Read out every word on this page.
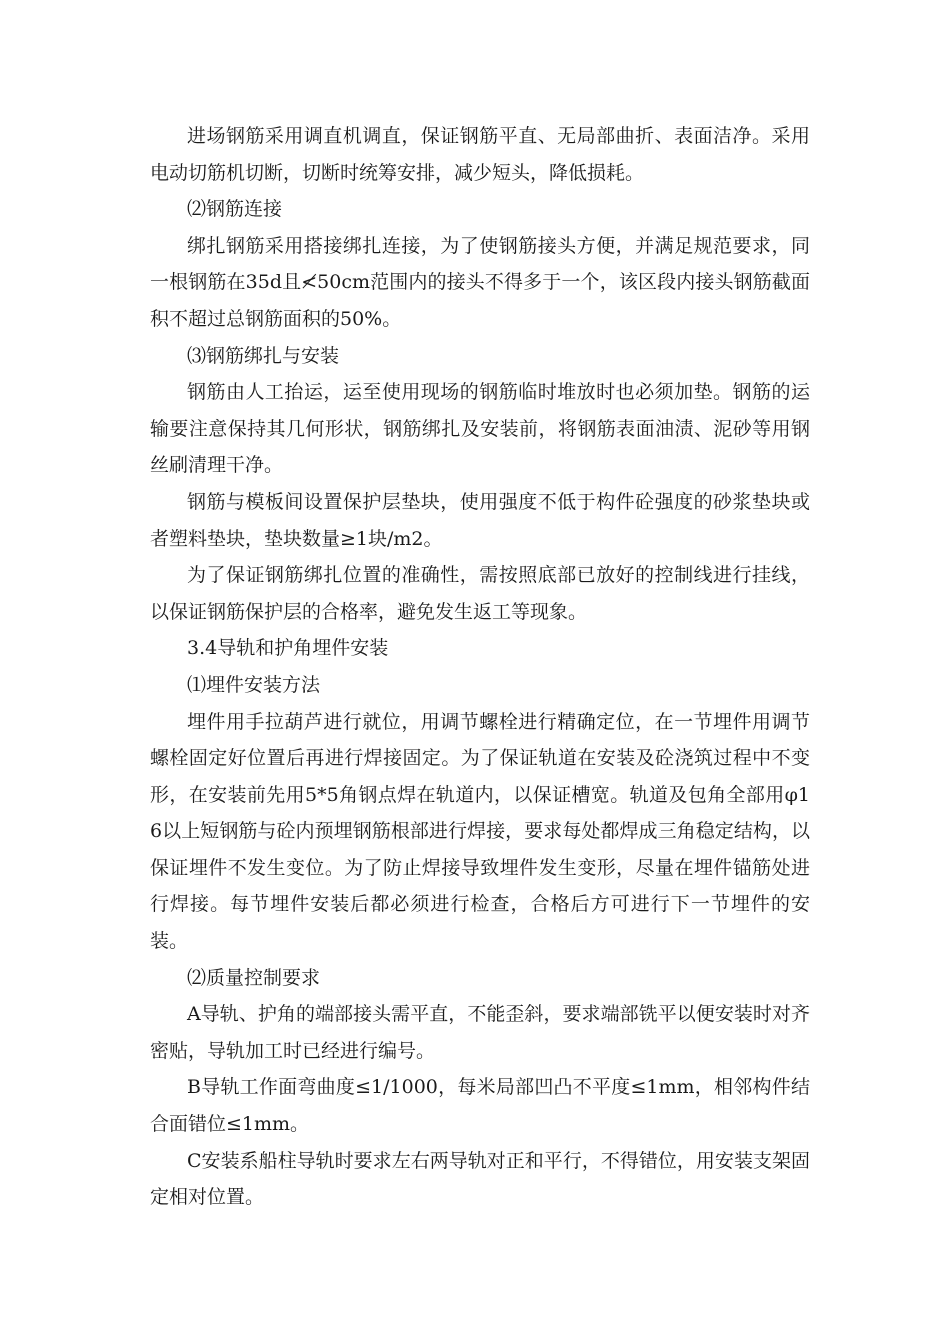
进场钢筋采用调直机调直，保证钢筋平直、无局部曲折、表面洁净。采用电动切筋机切断，切断时统筹安排，减少短头，降低损耗。

⑵钢筋连接

绑扎钢筋采用搭接绑扎连接，为了使钢筋接头方便，并满足规范要求，同一根钢筋在35d且≮50cm范围内的接头不得多于一个，该区段内接头钢筋截面积不超过总钢筋面积的50%。

⑶钢筋绑扎与安装

钢筋由人工抬运，运至使用现场的钢筋临时堆放时也必须加垫。钢筋的运输要注意保持其几何形状，钢筋绑扎及安装前，将钢筋表面油渍、泥砂等用钢丝刷清理干净。

钢筋与模板间设置保护层垫块，使用强度不低于构件砼强度的砂浆垫块或者塑料垫块，垫块数量≥1块/m2。

为了保证钢筋绑扎位置的准确性，需按照底部已放好的控制线进行挂线，以保证钢筋保护层的合格率，避免发生返工等现象。

3.4导轨和护角埋件安装

⑴埋件安装方法

埋件用手拉葫芦进行就位，用调节螺栓进行精确定位，在一节埋件用调节螺栓固定好位置后再进行焊接固定。为了保证轨道在安装及砼浇筑过程中不变形，在安装前先用5*5角钢点焊在轨道内，以保证槽宽。轨道及包角全部用φ16以上短钢筋与砼内预埋钢筋根部进行焊接，要求每处都焊成三角稳定结构，以保证埋件不发生变位。为了防止焊接导致埋件发生变形，尽量在埋件锚筋处进行焊接。每节埋件安装后都必须进行检查，合格后方可进行下一节埋件的安装。

⑵质量控制要求

A导轨、护角的端部接头需平直，不能歪斜，要求端部铣平以便安装时对齐密贴，导轨加工时已经进行编号。

B导轨工作面弯曲度≤1/1000，每米局部凹凸不平度≤1mm，相邻构件结合面错位≤1mm。

C安装系船柱导轨时要求左右两导轨对正和平行，不得错位，用安装支架固定相对位置。
